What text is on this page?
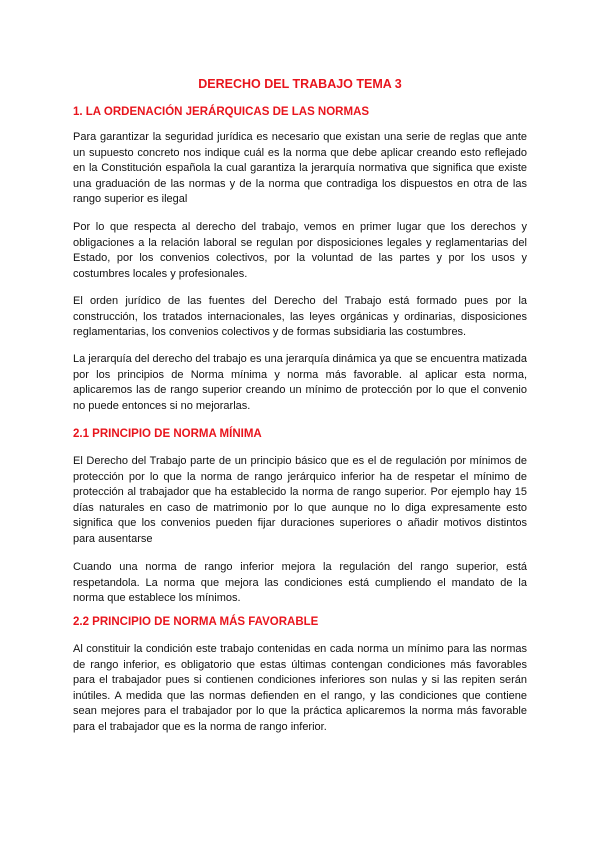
DERECHO DEL TRABAJO TEMA 3
1. LA ORDENACIÓN JERÁRQUICAS DE LAS NORMAS

Para garantizar la seguridad jurídica es necesario que existan una serie de reglas que ante un supuesto concreto nos indique cuál es la norma que debe aplicar creando esto reflejado en la Constitución española la cual garantiza la jerarquía normativa que significa que existe una graduación de las normas y de la norma que contradiga los dispuestos en otra de las rango superior es ilegal

Por lo que respecta al derecho del trabajo, vemos en primer lugar que los derechos y obligaciones a la relación laboral se regulan por disposiciones legales y reglamentarias del Estado, por los convenios colectivos, por la voluntad de las partes y por los usos y costumbres locales y profesionales.

El orden jurídico de las fuentes del Derecho del Trabajo está formado pues por la construcción, los tratados internacionales, las leyes orgánicas y ordinarias, disposiciones reglamentarias, los convenios colectivos y de formas subsidiaria las costumbres.

La jerarquía del derecho del trabajo es una jerarquía dinámica ya que se encuentra matizada por los principios de Norma mínima y norma más favorable. al aplicar esta norma, aplicaremos las de rango superior creando un mínimo de protección por lo que el convenio no puede entonces si no mejorarlas.

2.1 PRINCIPIO DE NORMA MÍNIMA

El Derecho del Trabajo parte de un principio básico que es el de regulación por mínimos de protección por lo que la norma de rango jerárquico inferior ha de respetar el mínimo de protección al trabajador que ha establecido la norma de rango superior. Por ejemplo hay 15 días naturales en caso de matrimonio por lo que aunque no lo diga expresamente esto significa que los convenios pueden fijar duraciones superiores o añadir motivos distintos para ausentarse

Cuando una norma de rango inferior mejora la regulación del rango superior, está respetandola. La norma que mejora las condiciones está cumpliendo el mandato de la norma que establece los mínimos.

2.2 PRINCIPIO DE NORMA MÁS FAVORABLE

Al constituir la condición este trabajo contenidas en cada norma un mínimo para las normas de rango inferior, es obligatorio que estas últimas contengan condiciones más favorables para el trabajador pues si contienen condiciones inferiores son nulas y si las repiten serán inútiles. A medida que las normas defienden en el rango, y las condiciones que contiene sean mejores para el trabajador por lo que la práctica aplicaremos la norma más favorable para el trabajador que es la norma de rango inferior.
